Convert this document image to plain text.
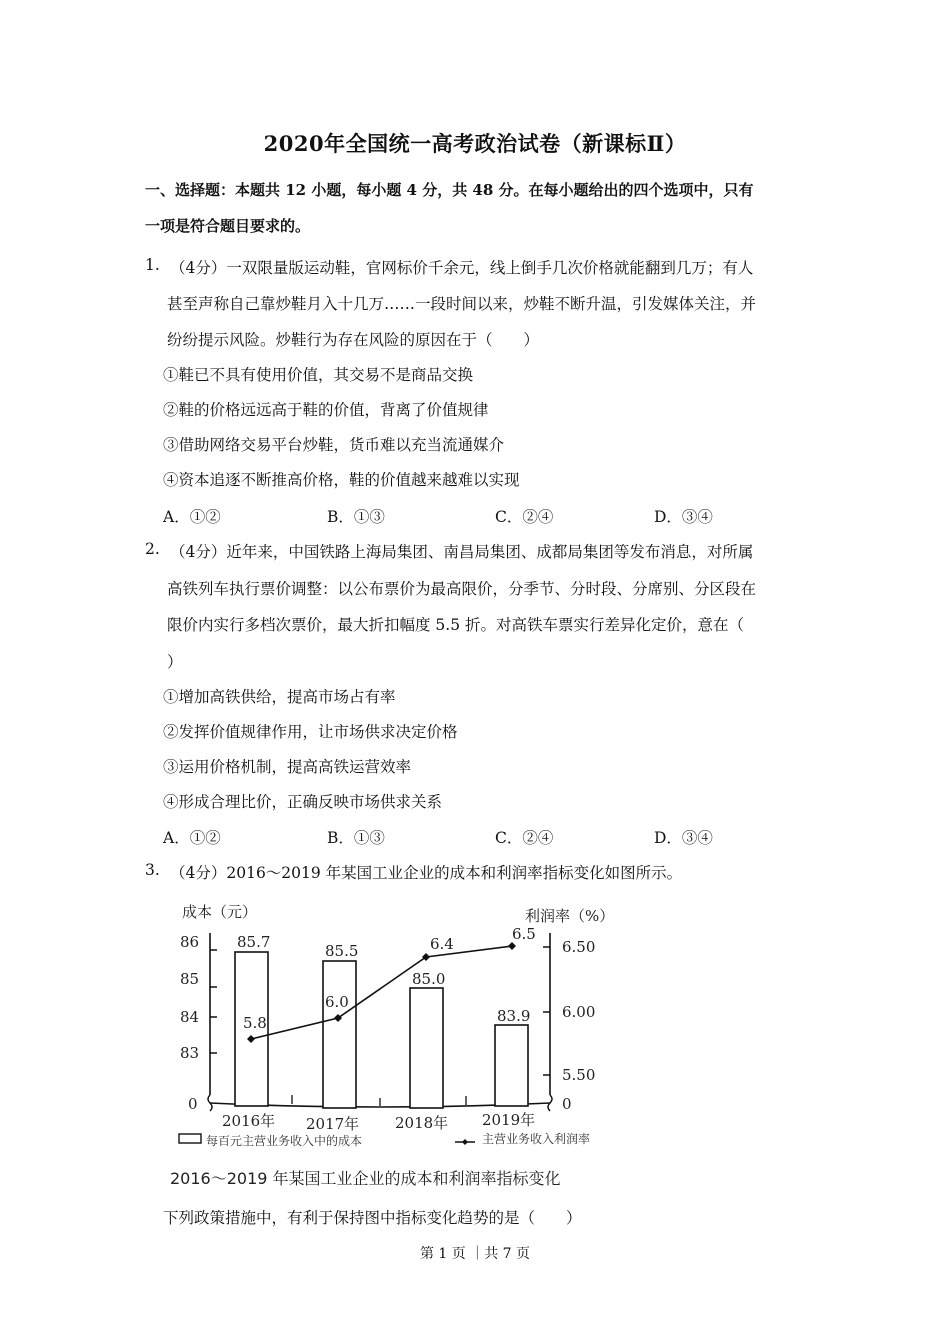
2020年全国统一高考政治试卷（新课标Ⅱ）
一、选择题：本题共 12 小题，每小题 4 分，共 48 分。在每小题给出的四个选项中，只有
一项是符合题目要求的。
1. （4分）一双限量版运动鞋，官网标价千余元，线上倒手几次价格就能翻到几万；有人
甚至声称自己靠炒鞋月入十几万……一段时间以来，炒鞋不断升温，引发媒体关注，并
纷纷提示风险。炒鞋行为存在风险的原因在于（　　）
①鞋已不具有使用价值，其交易不是商品交换
②鞋的价格远远高于鞋的价值，背离了价值规律
③借助网络交易平台炒鞋，货币难以充当流通媒介
④资本追逐不断推高价格，鞋的价值越来越难以实现
A．①②	B．①③	C．②④	D．③④
2. （4分）近年来，中国铁路上海局集团、南昌局集团、成都局集团等发布消息，对所属
高铁列车执行票价调整：以公布票价为最高限价，分季节、分时段、分席别、分区段在
限价内实行多档次票价，最大折扣幅度 5.5 折。对高铁车票实行差异化定价，意在（
）
①增加高铁供给，提高市场占有率
②发挥价值规律作用，让市场供求决定价格
③运用价格机制，提高高铁运营效率
④形成合理比价，正确反映市场供求关系
A．①②	B．①③	C．②④	D．③④
3. （4分）2016～2019 年某国工业企业的成本和利润率指标变化如图所示。
成本（元）	利润率（%）
86
85
84
83
0
6.50
6.00
5.50
0
85.7	85.5
85.0
83.9
5.8
6.0
6.4
6.5
2016年 2017年 2018年 2019年
每百元主营业务收入中的成本	主营业务收入利润率
2016～2019 年某国工业企业的成本和利润率指标变化
下列政策措施中，有利于保持图中指标变化趋势的是（　　）
第 1 页 ｜共 7 页
